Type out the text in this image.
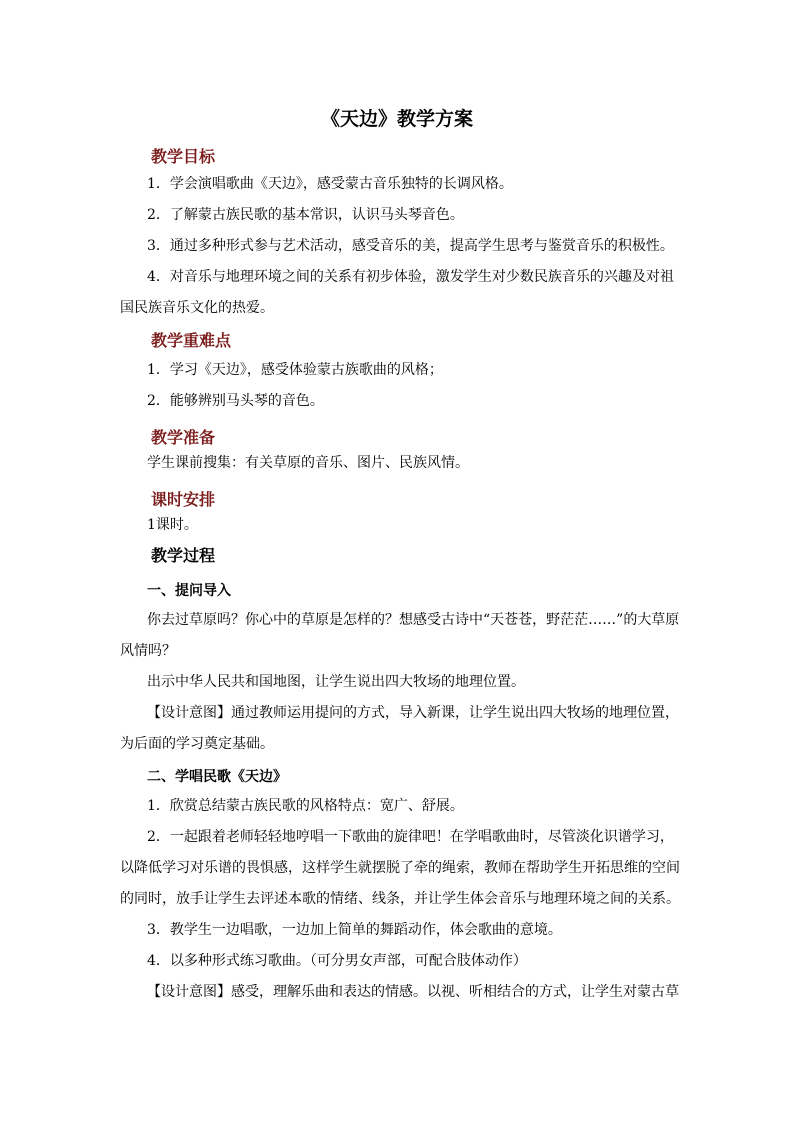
《天边》教学方案
教学目标
1．学会演唱歌曲《天边》，感受蒙古音乐独特的长调风格。
2．了解蒙古族民歌的基本常识，认识马头琴音色。
3．通过多种形式参与艺术活动，感受音乐的美，提高学生思考与鉴赏音乐的积极性。
4．对音乐与地理环境之间的关系有初步体验，激发学生对少数民族音乐的兴趣及对祖国民族音乐文化的热爱。
教学重难点
1．学习《天边》，感受体验蒙古族歌曲的风格；
2．能够辨别马头琴的音色。
教学准备
学生课前搜集：有关草原的音乐、图片、民族风情。
课时安排
1课时。
教学过程
一、提问导入
你去过草原吗？你心中的草原是怎样的？想感受古诗中“天苍苍，野茫茫……”的大草原风情吗？
出示中华人民共和国地图，让学生说出四大牧场的地理位置。
【设计意图】通过教师运用提问的方式，导入新课，让学生说出四大牧场的地理位置，为后面的学习奠定基础。
二、学唱民歌《天边》
1．欣赏总结蒙古族民歌的风格特点：宽广、舒展。
2．一起跟着老师轻轻地哼唱一下歌曲的旋律吧！在学唱歌曲时，尽管淡化识谱学习，以降低学习对乐谱的畏惧感，这样学生就摆脱了牵的绳索，教师在帮助学生开拓思维的空间的同时，放手让学生去评述本歌的情绪、线条，并让学生体会音乐与地理环境之间的关系。
3．教学生一边唱歌，一边加上简单的舞蹈动作，体会歌曲的意境。
4．以多种形式练习歌曲。（可分男女声部，可配合肢体动作）
【设计意图】感受，理解乐曲和表达的情感。以视、听相结合的方式，让学生对蒙古草
